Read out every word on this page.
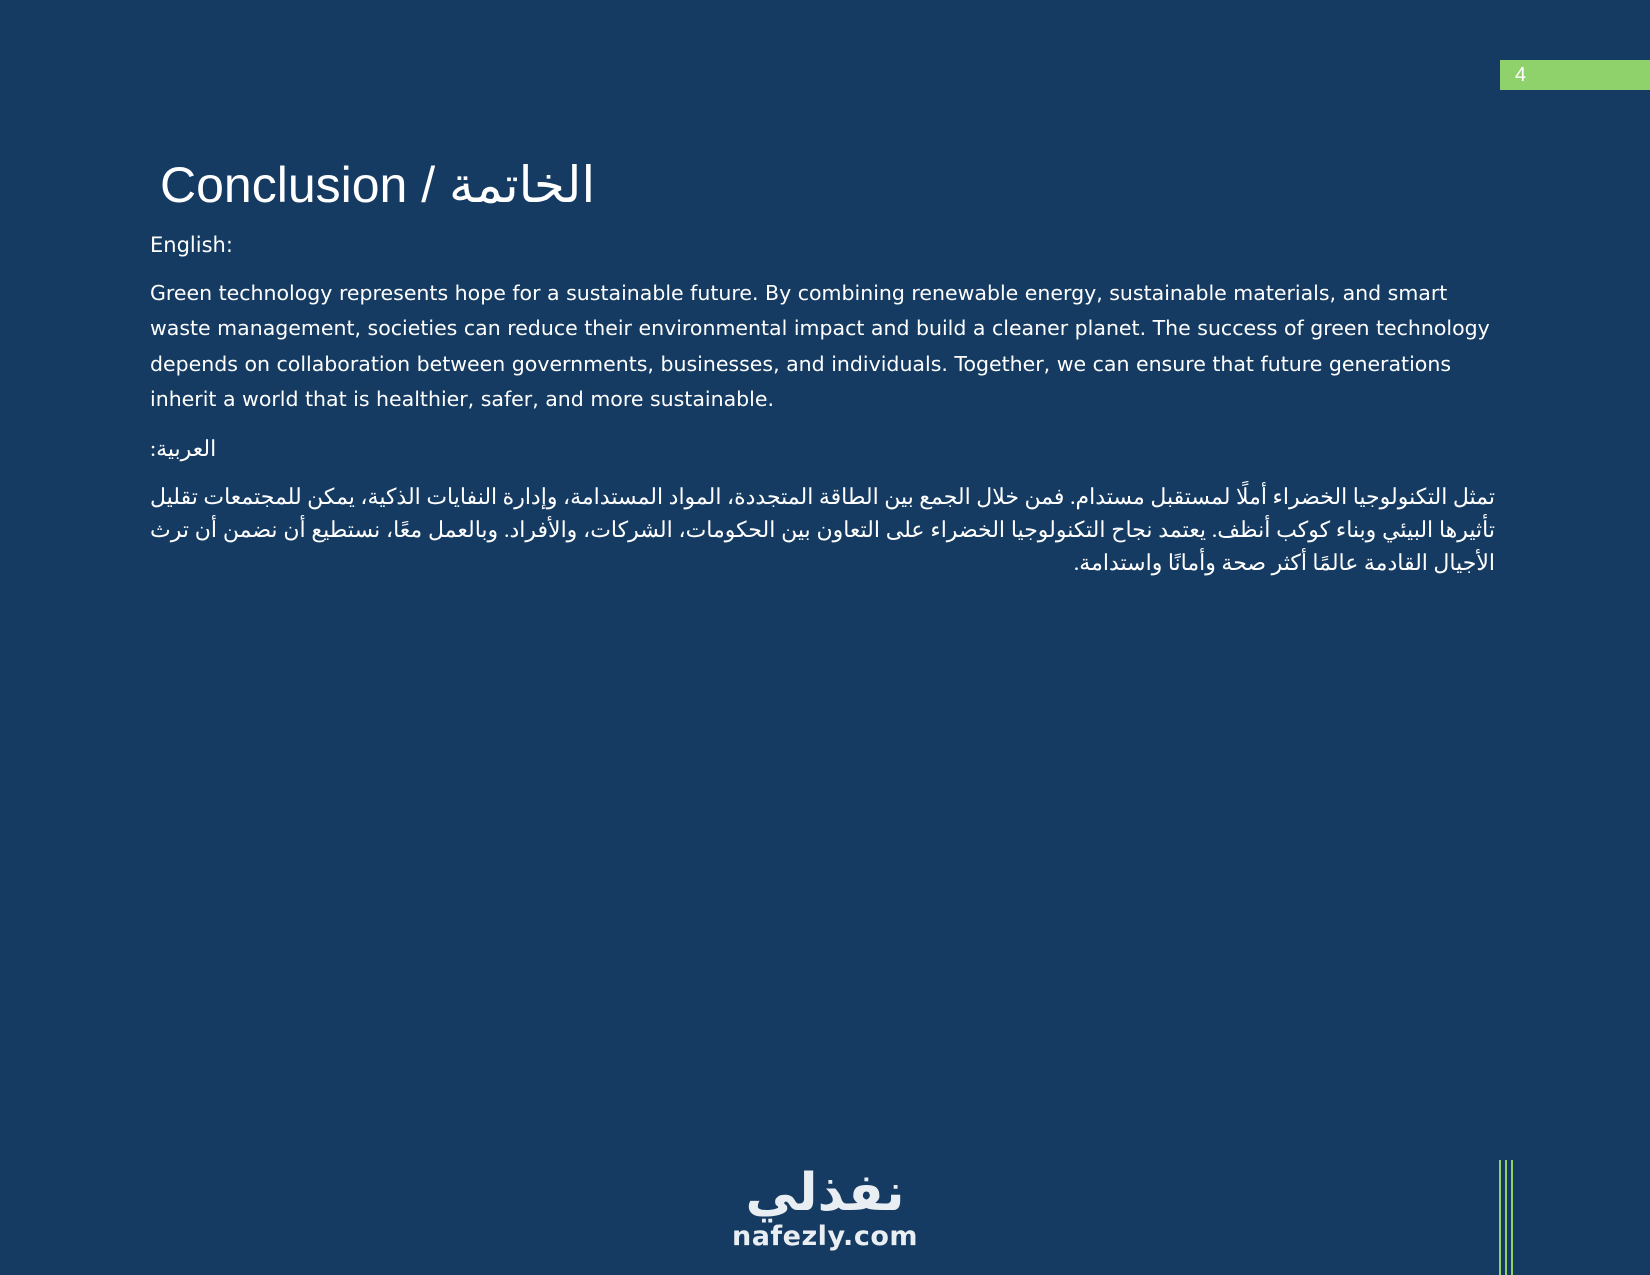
4
Conclusion / الخاتمة

English:

Green technology represents hope for a sustainable future. By combining renewable energy, sustainable materials, and smart waste management, societies can reduce their environmental impact and build a cleaner planet. The success of green technology depends on collaboration between governments, businesses, and individuals. Together, we can ensure that future generations inherit a world that is healthier, safer, and more sustainable.

العربية:

تمثل التكنولوجيا الخضراء أملًا لمستقبل مستدام. فمن خلال الجمع بين الطاقة المتجددة، المواد المستدامة، وإدارة النفايات الذكية، يمكن للمجتمعات تقليل تأثيرها البيئي وبناء كوكب أنظف. يعتمد نجاح التكنولوجيا الخضراء على التعاون بين الحكومات، الشركات، والأفراد. وبالعمل معًا، نستطيع أن نضمن أن ترث الأجيال القادمة عالمًا أكثر صحة وأمانًا واستدامة.

نفذلي
nafezly.com
